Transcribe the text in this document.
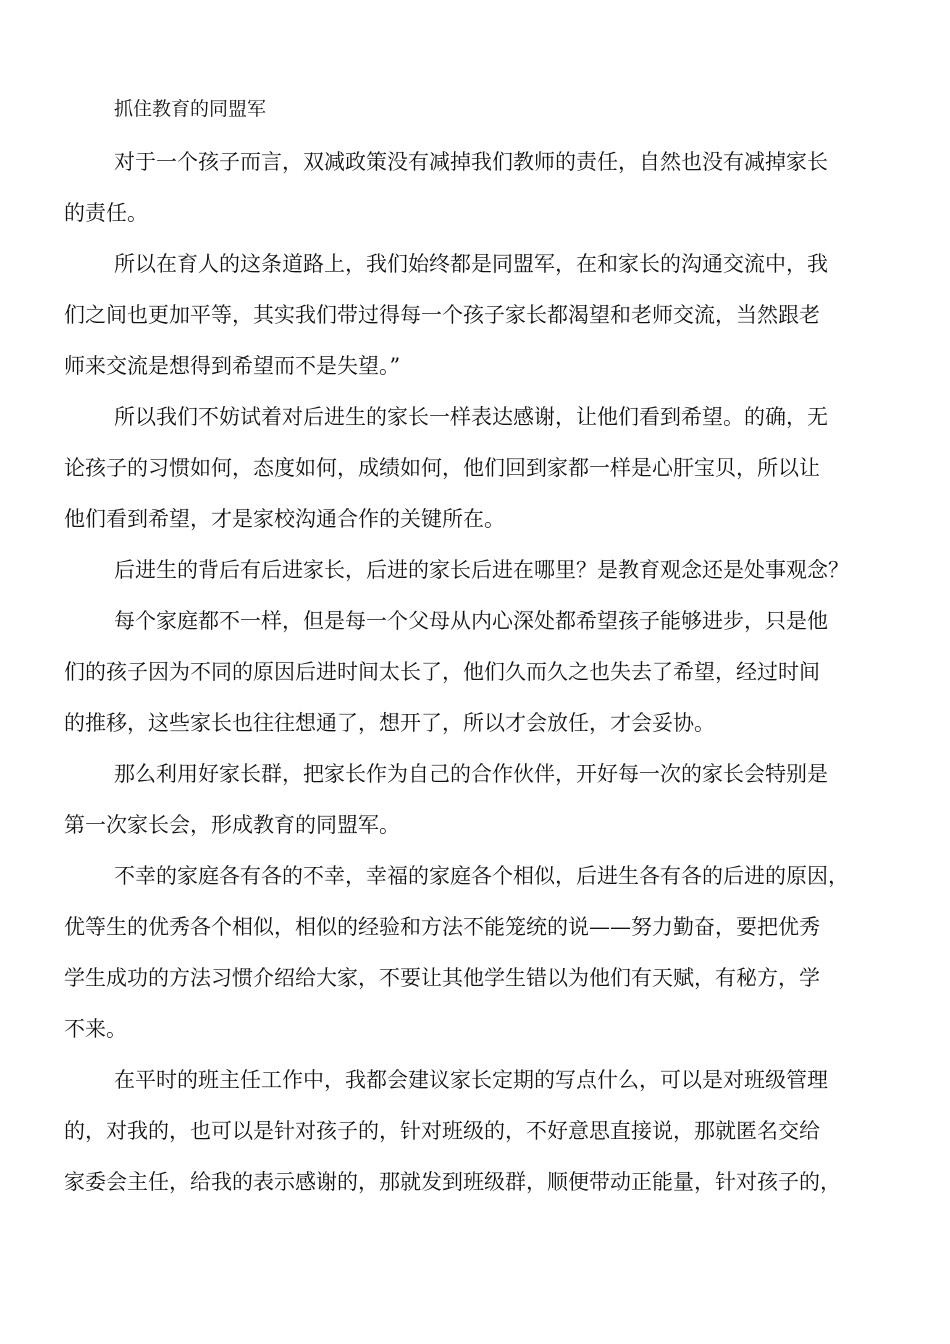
抓住教育的同盟军
对于一个孩子而言，双减政策没有减掉我们教师的责任，自然也没有减掉家长
的责任。
所以在育人的这条道路上，我们始终都是同盟军，在和家长的沟通交流中，我
们之间也更加平等，其实我们带过得每一个孩子家长都渴望和老师交流，当然跟老
师来交流是想得到希望而不是失望。”
所以我们不妨试着对后进生的家长一样表达感谢，让他们看到希望。的确，无
论孩子的习惯如何，态度如何，成绩如何，他们回到家都一样是心肝宝贝，所以让
他们看到希望，才是家校沟通合作的关键所在。
后进生的背后有后进家长，后进的家长后进在哪里？是教育观念还是处事观念？
每个家庭都不一样，但是每一个父母从内心深处都希望孩子能够进步，只是他
们的孩子因为不同的原因后进时间太长了，他们久而久之也失去了希望，经过时间
的推移，这些家长也往往想通了，想开了，所以才会放任，才会妥协。
那么利用好家长群，把家长作为自己的合作伙伴，开好每一次的家长会特别是
第一次家长会，形成教育的同盟军。
不幸的家庭各有各的不幸，幸福的家庭各个相似，后进生各有各的后进的原因，
优等生的优秀各个相似，相似的经验和方法不能笼统的说——努力勤奋，要把优秀
学生成功的方法习惯介绍给大家，不要让其他学生错以为他们有天赋，有秘方，学
不来。
在平时的班主任工作中，我都会建议家长定期的写点什么，可以是对班级管理
的，对我的，也可以是针对孩子的，针对班级的，不好意思直接说，那就匿名交给
家委会主任，给我的表示感谢的，那就发到班级群，顺便带动正能量，针对孩子的，
